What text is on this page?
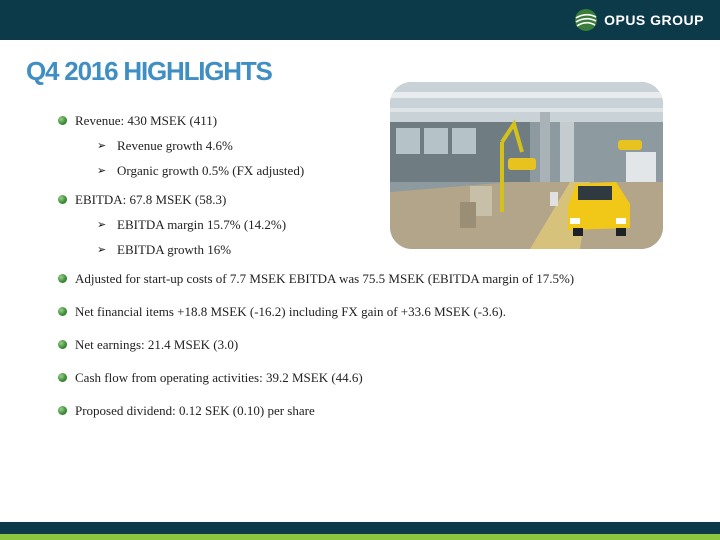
OPUS GROUP
Q4 2016 HIGHLIGHTS
Revenue: 430 MSEK (411)
➢ Revenue growth 4.6%
➢ Organic growth 0.5% (FX adjusted)
EBITDA: 67.8 MSEK (58.3)
➢ EBITDA margin 15.7% (14.2%)
➢ EBITDA growth 16%
Adjusted for start-up costs of 7.7 MSEK EBITDA was 75.5 MSEK (EBITDA margin of 17.5%)
Net financial items +18.8 MSEK (-16.2) including FX gain of +33.6 MSEK (-3.6).
Net earnings: 21.4 MSEK (3.0)
Cash flow from operating activities: 39.2 MSEK (44.6)
Proposed dividend: 0.12 SEK (0.10) per share
